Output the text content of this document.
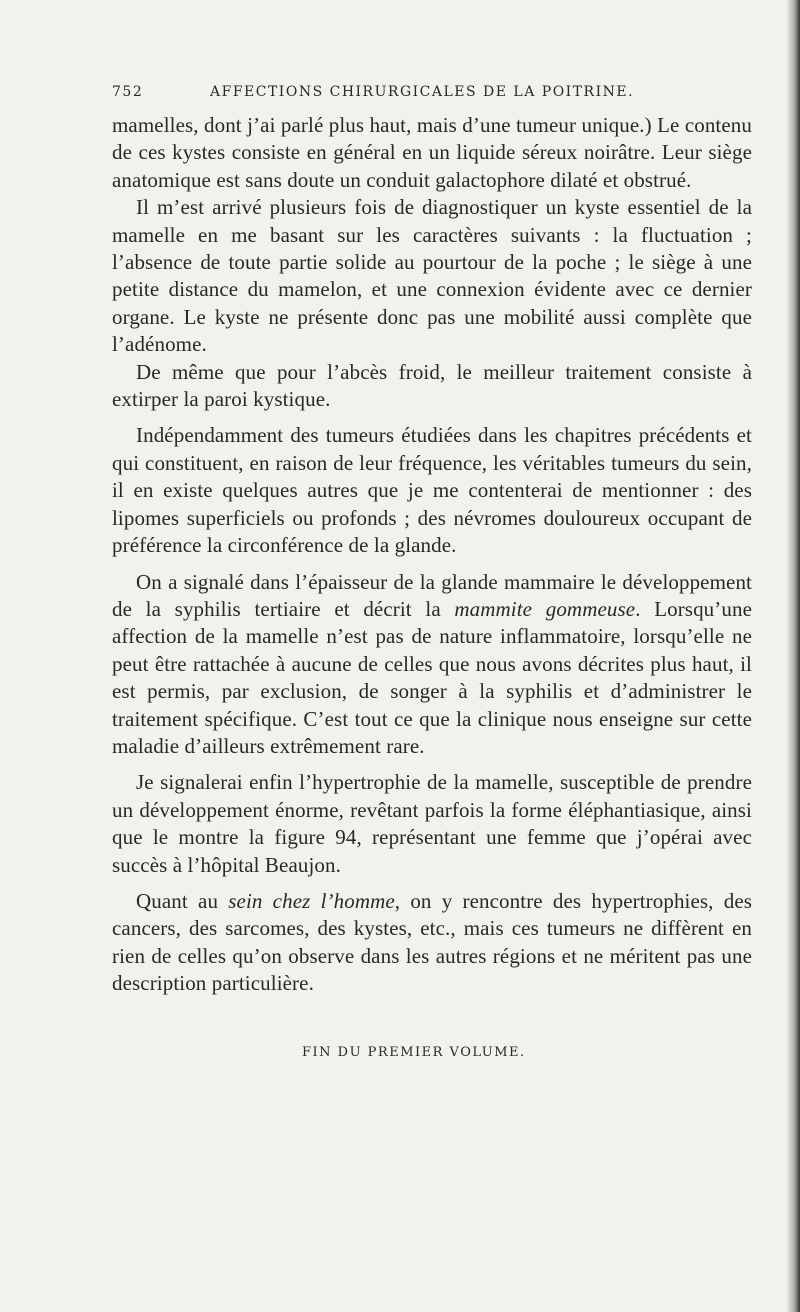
752	AFFECTIONS CHIRURGICALES DE LA POITRINE.

mamelles, dont j’ai parlé plus haut, mais d’une tumeur unique.) Le contenu de ces kystes consiste en général en un liquide séreux noirâtre. Leur siège anatomique est sans doute un conduit galactophore dilaté et obstrué.

Il m’est arrivé plusieurs fois de diagnostiquer un kyste essentiel de la mamelle en me basant sur les caractères suivants : la fluctuation ; l’absence de toute partie solide au pourtour de la poche ; le siège à une petite distance du mamelon, et une connexion évidente avec ce dernier organe. Le kyste ne présente donc pas une mobilité aussi complète que l’adénome.

De même que pour l’abcès froid, le meilleur traitement consiste à extirper la paroi kystique.

Indépendamment des tumeurs étudiées dans les chapitres précédents et qui constituent, en raison de leur fréquence, les véritables tumeurs du sein, il en existe quelques autres que je me contenterai de mentionner : des lipomes superficiels ou profonds ; des névromes douloureux occupant de préférence la circonférence de la glande.

On a signalé dans l’épaisseur de la glande mammaire le développement de la syphilis tertiaire et décrit la mammite gommeuse. Lorsqu’une affection de la mamelle n’est pas de nature inflammatoire, lorsqu’elle ne peut être rattachée à aucune de celles que nous avons décrites plus haut, il est permis, par exclusion, de songer à la syphilis et d’administrer le traitement spécifique. C’est tout ce que la clinique nous enseigne sur cette maladie d’ailleurs extrêmement rare.

Je signalerai enfin l’hypertrophie de la mamelle, susceptible de prendre un développement énorme, revêtant parfois la forme éléphantiasique, ainsi que le montre la figure 94, représentant une femme que j’opérai avec succès à l’hôpital Beaujon.

Quant au sein chez l’homme, on y rencontre des hypertrophies, des cancers, des sarcomes, des kystes, etc., mais ces tumeurs ne diffèrent en rien de celles qu’on observe dans les autres régions et ne méritent pas une description particulière.

FIN DU PREMIER VOLUME.
